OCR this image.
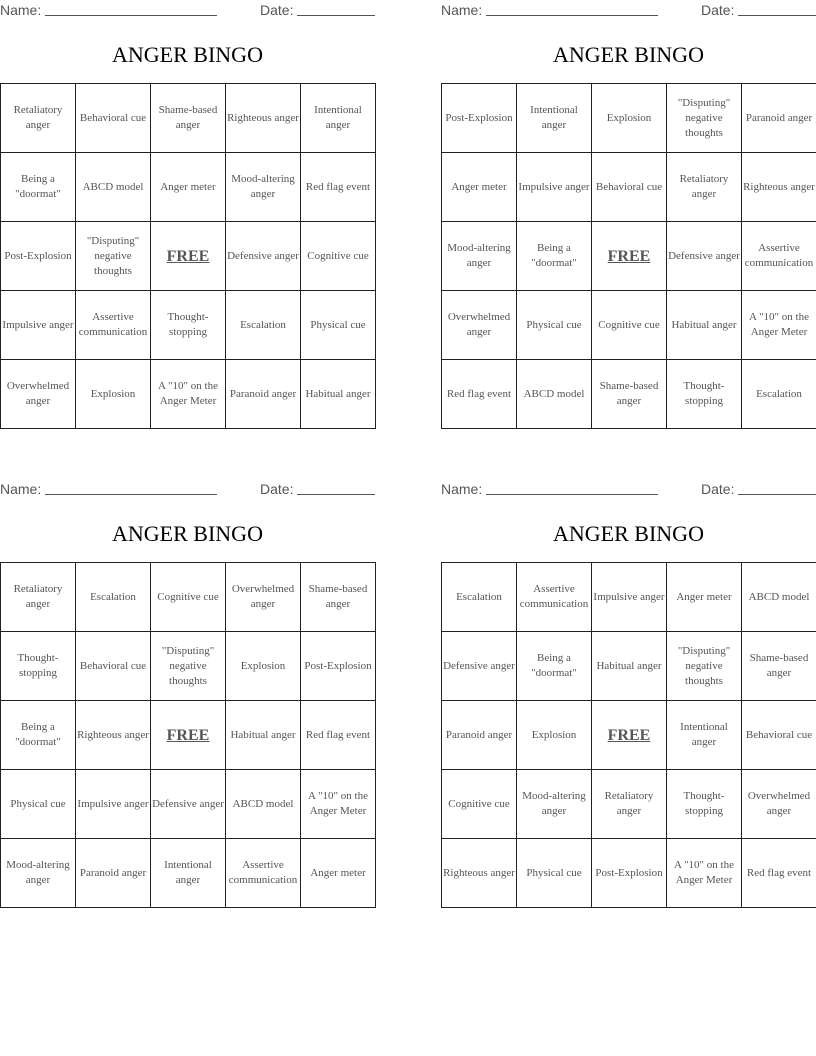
Name:	Date:
ANGER BINGO
Retaliatory anger	Behavioral cue	Shame-based anger	Righteous anger	Intentional anger
Being a "doormat"	ABCD model	Anger meter	Mood-altering anger	Red flag event
Post-Explosion	"Disputing" negative thoughts	FREE	Defensive anger	Cognitive cue
Impulsive anger	Assertive communication	Thought-stopping	Escalation	Physical cue
Overwhelmed anger	Explosion	A "10" on the Anger Meter	Paranoid anger	Habitual anger
Name:	Date:
ANGER BINGO
Post-Explosion	Intentional anger	Explosion	"Disputing" negative thoughts	Paranoid anger
Anger meter	Impulsive anger	Behavioral cue	Retaliatory anger	Righteous anger
Mood-altering anger	Being a "doormat"	FREE	Defensive anger	Assertive communication
Overwhelmed anger	Physical cue	Cognitive cue	Habitual anger	A "10" on the Anger Meter
Red flag event	ABCD model	Shame-based anger	Thought-stopping	Escalation
Name:	Date:
ANGER BINGO
Retaliatory anger	Escalation	Cognitive cue	Overwhelmed anger	Shame-based anger
Thought-stopping	Behavioral cue	"Disputing" negative thoughts	Explosion	Post-Explosion
Being a "doormat"	Righteous anger	FREE	Habitual anger	Red flag event
Physical cue	Impulsive anger	Defensive anger	ABCD model	A "10" on the Anger Meter
Mood-altering anger	Paranoid anger	Intentional anger	Assertive communication	Anger meter
Name:	Date:
ANGER BINGO
Escalation	Assertive communication	Impulsive anger	Anger meter	ABCD model
Defensive anger	Being a "doormat"	Habitual anger	"Disputing" negative thoughts	Shame-based anger
Paranoid anger	Explosion	FREE	Intentional anger	Behavioral cue
Cognitive cue	Mood-altering anger	Retaliatory anger	Thought-stopping	Overwhelmed anger
Righteous anger	Physical cue	Post-Explosion	A "10" on the Anger Meter	Red flag event
